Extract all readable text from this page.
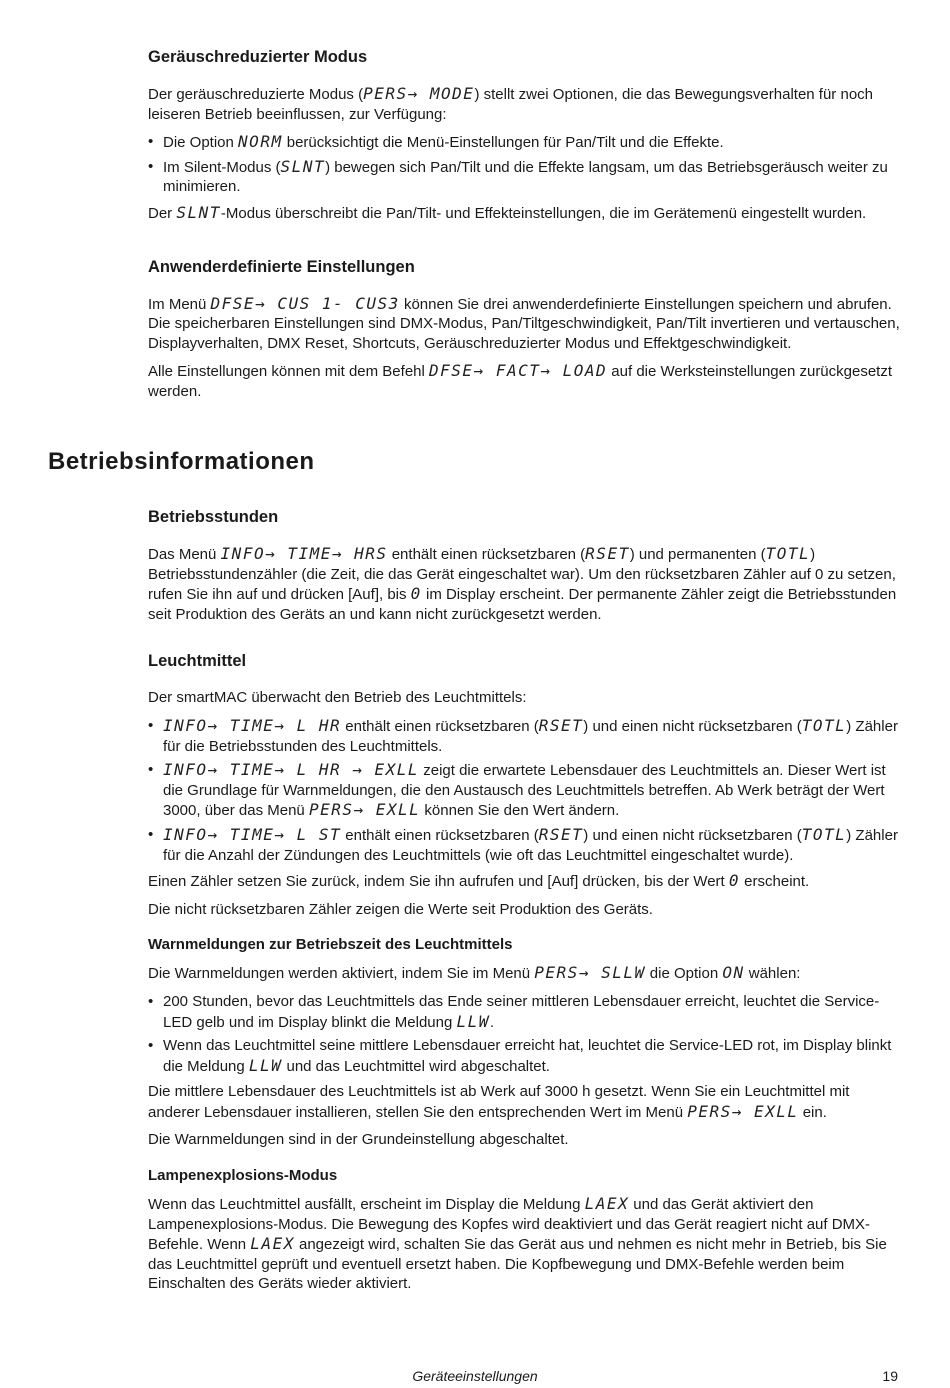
Geräuschreduzierter Modus

Der geräuschreduzierte Modus (PERS→ MODE) stellt zwei Optionen, die das Bewegungsverhalten für noch leiseren Betrieb beeinflussen, zur Verfügung:

• Die Option NORM berücksichtigt die Menü-Einstellungen für Pan/Tilt und die Effekte.
• Im Silent-Modus (SLNT) bewegen sich Pan/Tilt und die Effekte langsam, um das Betriebsgeräusch weiter zu minimieren.

Der SLNT-Modus überschreibt die Pan/Tilt- und Effekteinstellungen, die im Gerätemenü eingestellt wurden.

Anwenderdefinierte Einstellungen

Im Menü DFSE→ CUS 1- CUS3 können Sie drei anwenderdefinierte Einstellungen speichern und abrufen. Die speicherbaren Einstellungen sind DMX-Modus, Pan/Tiltgeschwindigkeit, Pan/Tilt invertieren und vertauschen, Displayverhalten, DMX Reset, Shortcuts, Geräuschreduzierter Modus und Effektgeschwindigkeit.

Alle Einstellungen können mit dem Befehl DFSE→ FACT→ LOAD auf die Werksteinstellungen zurückgesetzt werden.

Betriebsinformationen
Betriebsstunden

Das Menü INFO→ TIME→ HRS enthält einen rücksetzbaren (RSET) und permanenten (TOTL) Betriebsstundenzähler (die Zeit, die das Gerät eingeschaltet war). Um den rücksetzbaren Zähler auf 0 zu setzen, rufen Sie ihn auf und drücken [Auf], bis 0 im Display erscheint. Der permanente Zähler zeigt die Betriebsstunden seit Produktion des Geräts an und kann nicht zurückgesetzt werden.

Leuchtmittel

Der smartMAC überwacht den Betrieb des Leuchtmittels:

• INFO→ TIME→ L HR enthält einen rücksetzbaren (RSET) und einen nicht rücksetzbaren (TOTL) Zähler für die Betriebsstunden des Leuchtmittels.
• INFO→ TIME→ L HR → EXLL zeigt die erwartete Lebensdauer des Leuchtmittels an. Dieser Wert ist die Grundlage für Warnmeldungen, die den Austausch des Leuchtmittels betreffen. Ab Werk beträgt der Wert 3000, über das Menü PERS→ EXLL können Sie den Wert ändern.
• INFO→ TIME→ L ST enthält einen rücksetzbaren (RSET) und einen nicht rücksetzbaren (TOTL) Zähler für die Anzahl der Zündungen des Leuchtmittels (wie oft das Leuchtmittel eingeschaltet wurde).

Einen Zähler setzen Sie zurück, indem Sie ihn aufrufen und [Auf] drücken, bis der Wert 0 erscheint.

Die nicht rücksetzbaren Zähler zeigen die Werte seit Produktion des Geräts.

Warnmeldungen zur Betriebszeit des Leuchtmittels

Die Warnmeldungen werden aktiviert, indem Sie im Menü PERS→ SLLW die Option ON wählen:

• 200 Stunden, bevor das Leuchtmittels das Ende seiner mittleren Lebensdauer erreicht, leuchtet die Service-LED gelb und im Display blinkt die Meldung LLW.
• Wenn das Leuchtmittel seine mittlere Lebensdauer erreicht hat, leuchtet die Service-LED rot, im Display blinkt die Meldung LLW und das Leuchtmittel wird abgeschaltet.

Die mittlere Lebensdauer des Leuchtmittels ist ab Werk auf 3000 h gesetzt. Wenn Sie ein Leuchtmittel mit anderer Lebensdauer installieren, stellen Sie den entsprechenden Wert im Menü PERS→ EXLL ein.

Die Warnmeldungen sind in der Grundeinstellung abgeschaltet.

Lampenexplosions-Modus

Wenn das Leuchtmittel ausfällt, erscheint im Display die Meldung LAEX und das Gerät aktiviert den Lampenexplosions-Modus. Die Bewegung des Kopfes wird deaktiviert und das Gerät reagiert nicht auf DMX-Befehle. Wenn LAEX angezeigt wird, schalten Sie das Gerät aus und nehmen es nicht mehr in Betrieb, bis Sie das Leuchtmittel geprüft und eventuell ersetzt haben. Die Kopfbewegung und DMX-Befehle werden beim Einschalten des Geräts wieder aktiviert.

Geräteeinstellungen	19
